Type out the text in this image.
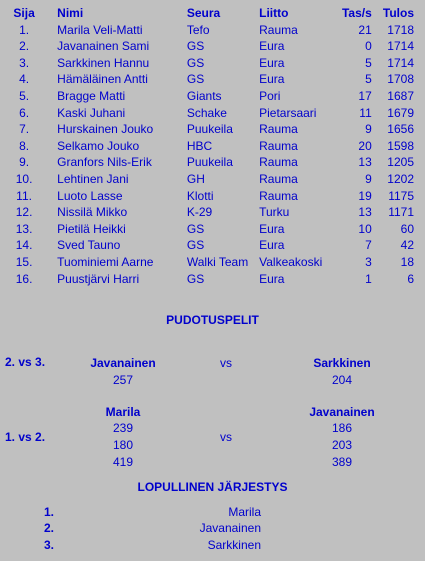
Sija	Nimi	Seura	Liitto	Tas/s	Tulos
1.	Marila Veli-Matti	Tefo	Rauma	21	1718
2.	Javanainen Sami	GS	Eura	0	1714
3.	Sarkkinen Hannu	GS	Eura	5	1714
4.	Hämäläinen Antti	GS	Eura	5	1708
5.	Bragge Matti	Giants	Pori	17	1687
6.	Kaski Juhani	Schake	Pietarsaari	11	1679
7.	Hurskainen Jouko	Puukeila	Rauma	9	1656
8.	Selkamo Jouko	HBC	Rauma	20	1598
9.	Granfors Nils-Erik	Puukeila	Rauma	13	1205
10.	Lehtinen Jani	GH	Rauma	9	1202
11.	Luoto Lasse	Klotti	Rauma	19	1175
12.	Nissilä Mikko	K-29	Turku	13	1171
13.	Pietilä Heikki	GS	Eura	10	60
14.	Sved Tauno	GS	Eura	7	42
15.	Tuominiemi Aarne	Walki Team	Valkeakoski	3	18
16.	Puustjärvi Harri	GS	Eura	1	6
PUDOTUSPELIT
2. vs 3.	Javanainen	vs	Sarkkinen
257	204
Marila	Javanainen
239	186
1. vs 2.	vs
180	203
419	389
LOPULLINEN JÄRJESTYS
1.	Marila
2.	Javanainen
3.	Sarkkinen
